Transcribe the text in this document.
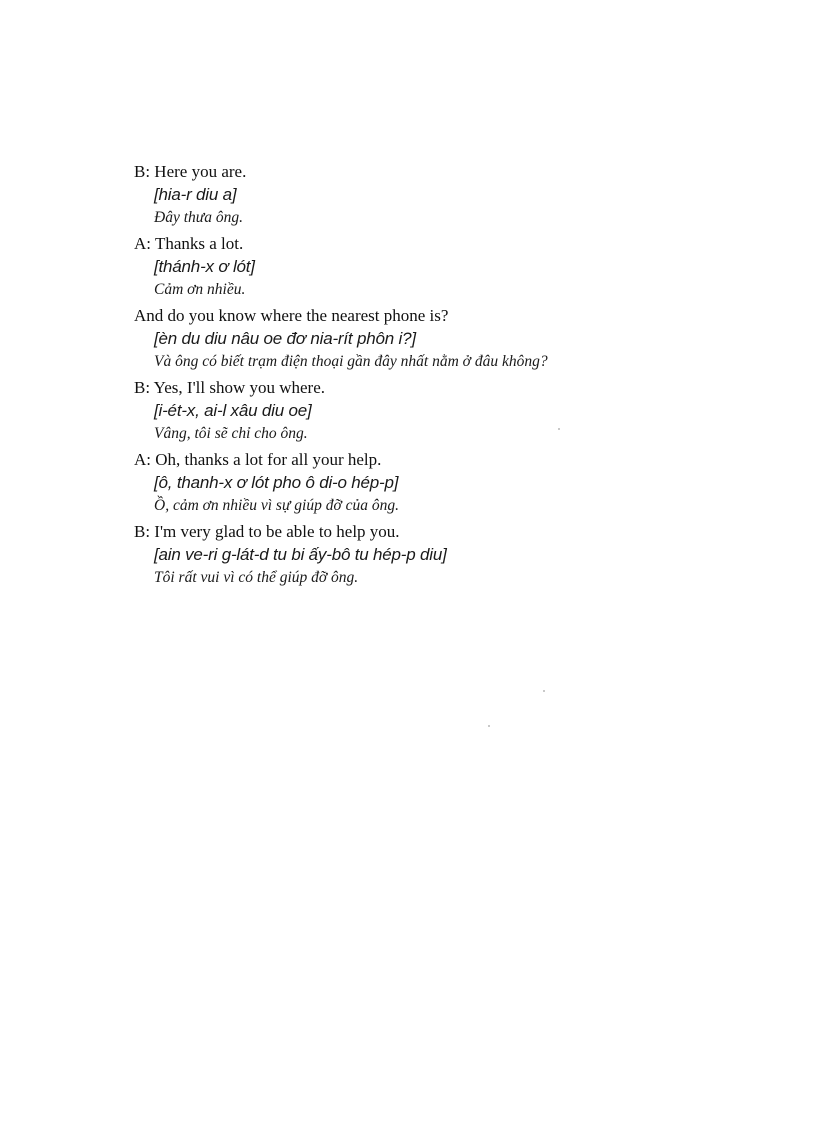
B: Here you are.
[hia-r diu a]
Đây thưa ông.
A: Thanks a lot.
[thánh-x ơ lót]
Cảm ơn nhiều.
And do you know where the nearest phone is?
[èn du diu nâu oe đơ nia-rít phôn i?]
Và ông có biết trạm điện thoại gần đây nhất nằm ở đâu không?
B: Yes, I'll show you where.
[i-ét-x, ai-l xâu diu oe]
Vâng, tôi sẽ chỉ cho ông.
A: Oh, thanks a lot for all your help.
[ô, thanh-x ơ lót pho ô di-o hép-p]
Ồ, cảm ơn nhiều vì sự giúp đỡ của ông.
B: I'm very glad to be able to help you.
[ain ve-ri g-lát-d tu bi ấy-bô tu hép-p diu]
Tôi rất vui vì có thể giúp đỡ ông.
